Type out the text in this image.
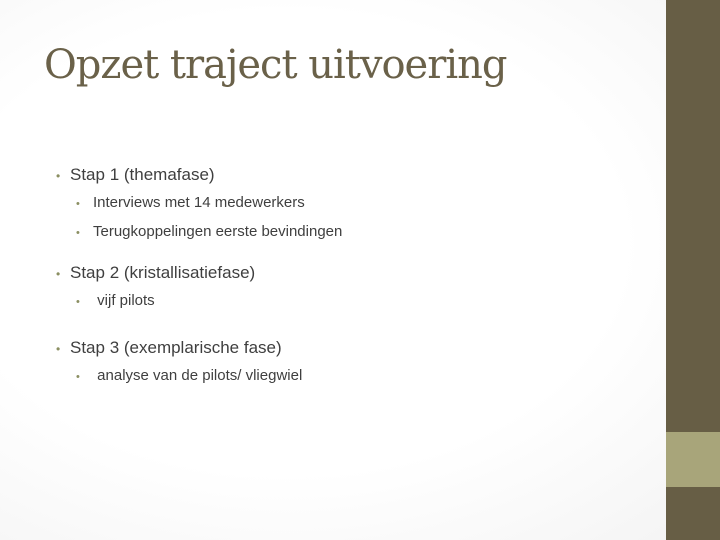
Opzet traject uitvoering
• Stap 1 (themafase)
• Interviews met 14 medewerkers
• Terugkoppelingen eerste bevindingen
• Stap 2 (kristallisatiefase)
• vijf pilots
• Stap 3 (exemplarische fase)
• analyse van de pilots/ vliegwiel
